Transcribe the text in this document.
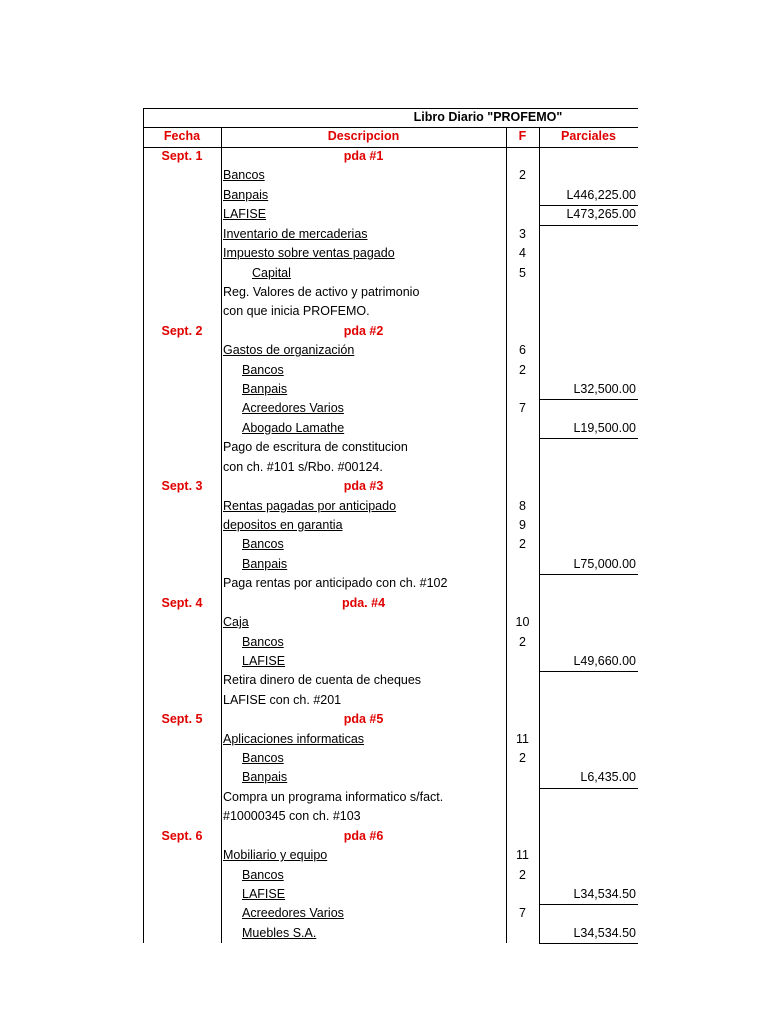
Libro Diario "PROFEMO"
Fecha	Descripcion	F	Parciales
Sept. 1	pda #1
Bancos	2
Banpais	L446,225.00
LAFISE	L473,265.00
Inventario de mercaderias	3
Impuesto sobre ventas pagado	4
Capital	5
Reg. Valores de activo y patrimonio
con que inicia PROFEMO.
Sept. 2	pda #2
Gastos de organización	6
Bancos	2
Banpais	L32,500.00
Acreedores Varios	7
Abogado Lamathe	L19,500.00
Pago de escritura de constitucion
con ch. #101 s/Rbo. #00124.
Sept. 3	pda #3
Rentas pagadas por anticipado	8
depositos en garantia	9
Bancos	2
Banpais	L75,000.00
Paga rentas por anticipado con ch. #102
Sept. 4	pda. #4
Caja	10
Bancos	2
LAFISE	L49,660.00
Retira dinero de cuenta de cheques
LAFISE con ch. #201
Sept. 5	pda #5
Aplicaciones informaticas	11
Bancos	2
Banpais	L6,435.00
Compra un programa informatico s/fact.
#10000345 con ch. #103
Sept. 6	pda #6
Mobiliario y equipo	11
Bancos	2
LAFISE	L34,534.50
Acreedores Varios	7
Muebles S.A.	L34,534.50
